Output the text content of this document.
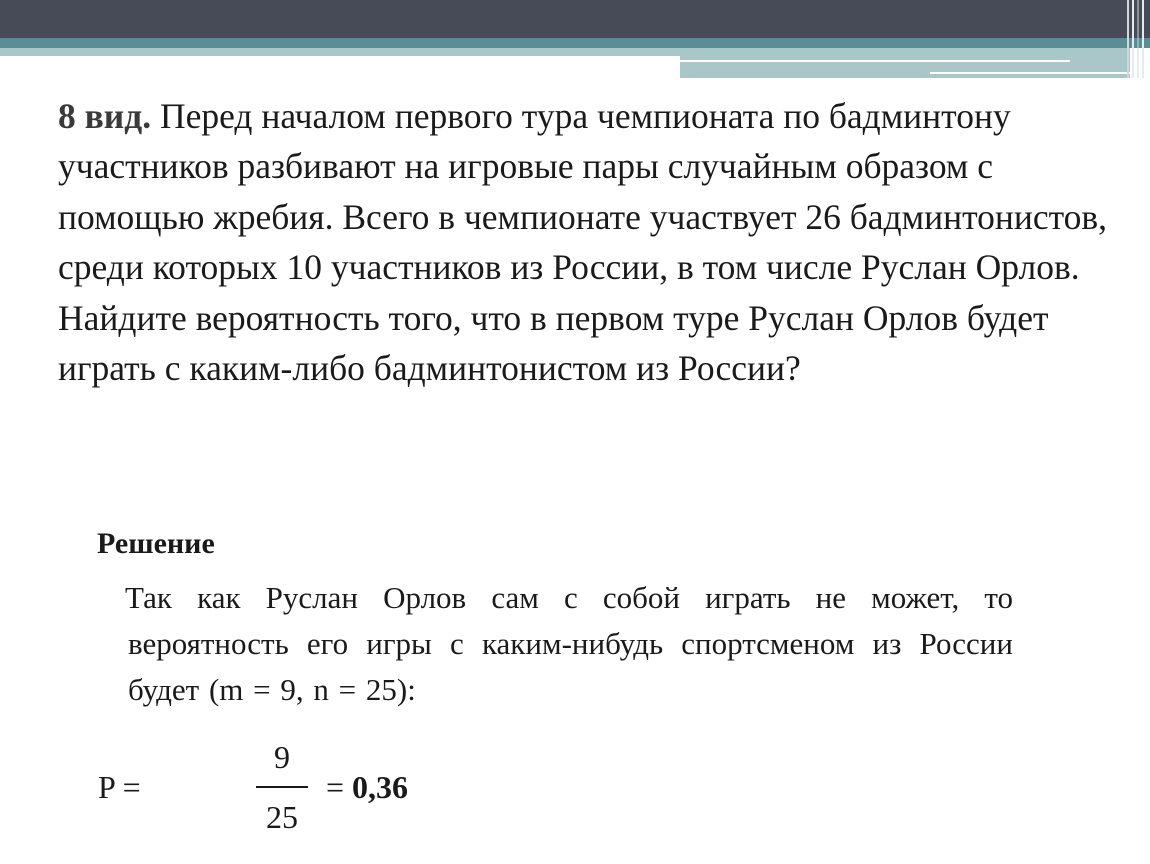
8 вид. Перед началом первого тура чемпионата по бадминтону участников разбивают на игровые пары случайным образом с помощью жребия. Всего в чемпионате участвует 26 бадминтонистов, среди которых 10 участников из России, в том числе Руслан Орлов. Найдите вероятность того, что в первом туре Руслан Орлов будет играть с каким-либо бадминтонистом из России?

Решение

Так как Руслан Орлов сам с собой играть не может, то вероятность его игры с каким-нибудь спортсменом из России будет (m = 9, n = 25):

P =
9
25
= 0,36
